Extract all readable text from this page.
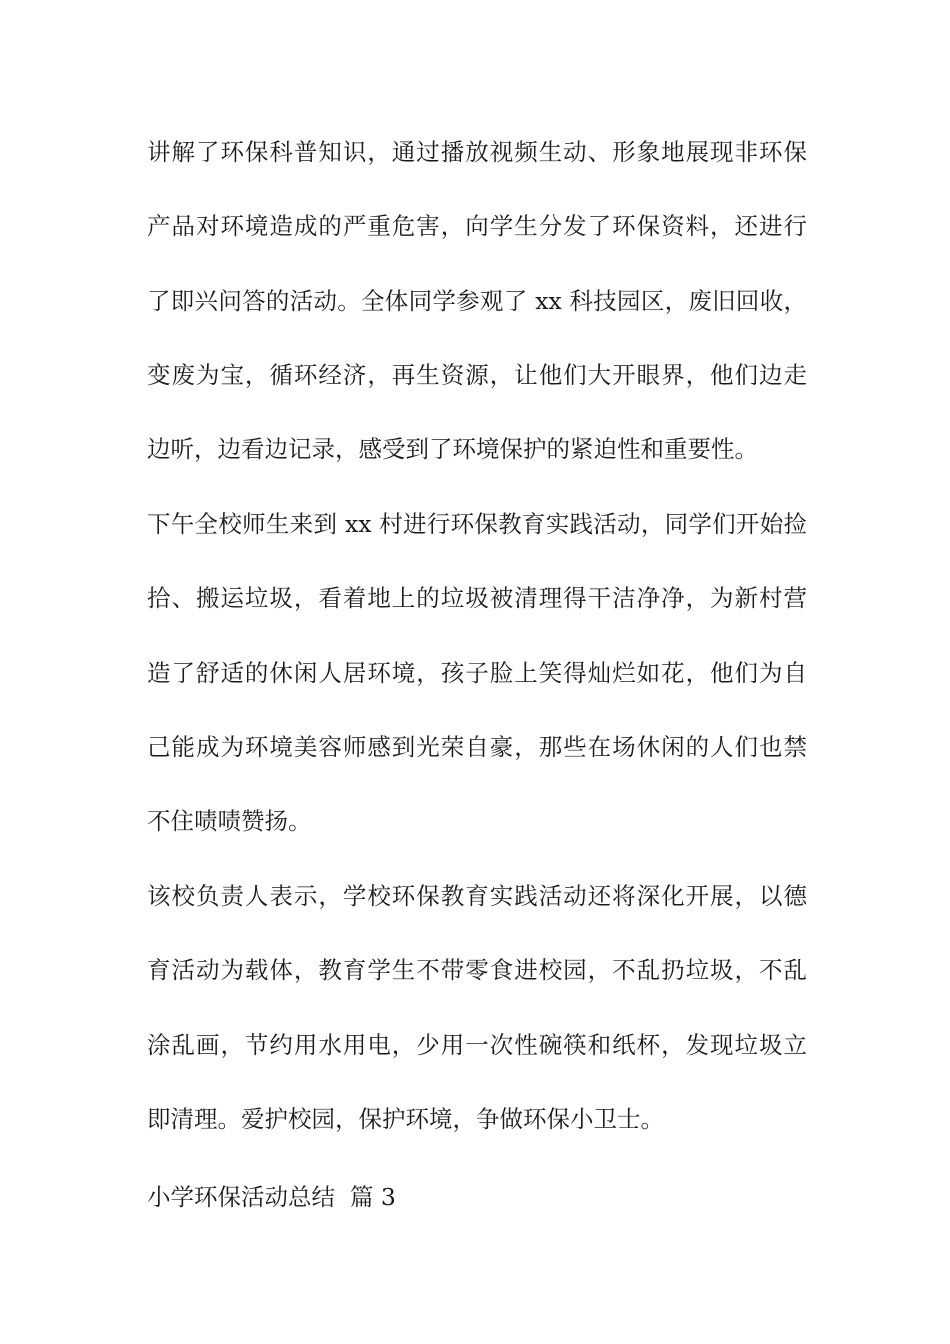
讲解了环保科普知识，通过播放视频生动、形象地展现非环保
产品对环境造成的严重危害，向学生分发了环保资料，还进行
了即兴问答的活动。全体同学参观了 xx 科技园区，废旧回收，
变废为宝，循环经济，再生资源，让他们大开眼界，他们边走
边听，边看边记录，感受到了环境保护的紧迫性和重要性。
下午全校师生来到 xx 村进行环保教育实践活动，同学们开始捡
拾、搬运垃圾，看着地上的垃圾被清理得干洁净净，为新村营
造了舒适的休闲人居环境，孩子脸上笑得灿烂如花，他们为自
己能成为环境美容师感到光荣自豪，那些在场休闲的人们也禁
不住啧啧赞扬。
该校负责人表示，学校环保教育实践活动还将深化开展，以德
育活动为载体，教育学生不带零食进校园，不乱扔垃圾，不乱
涂乱画，节约用水用电，少用一次性碗筷和纸杯，发现垃圾立
即清理。爱护校园，保护环境，争做环保小卫士。
小学环保活动总结  篇 3
